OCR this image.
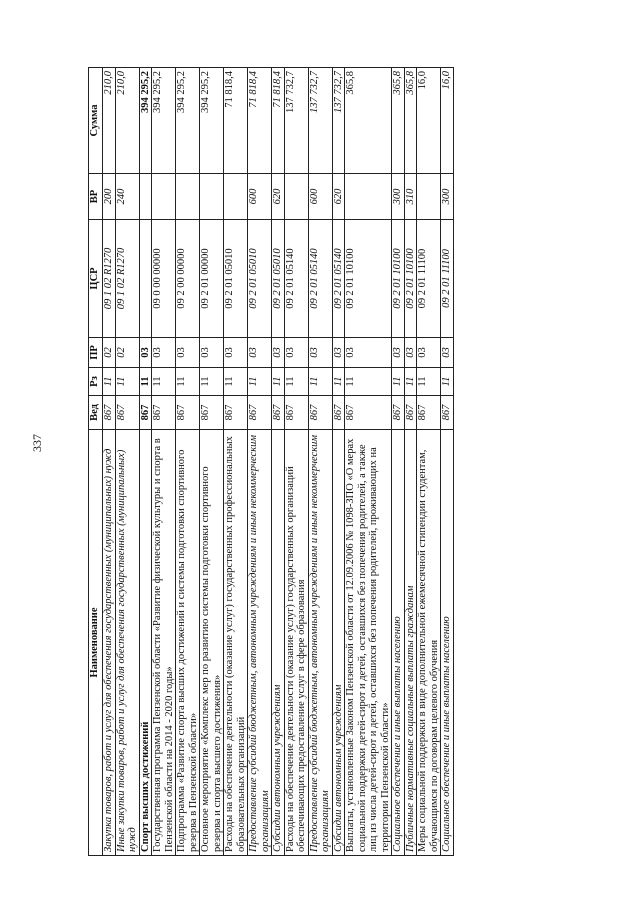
337
Наименование	Вед	Рз	ПР	ЦСР	ВР	Сумма
Закупка товаров, работ и услуг для обеспечения государственных (муниципальных) нужд	867	11	02	09 1 02 R1270	200	210,0
Иные закупки товаров, работ и услуг для обеспечения государственных (муниципальных) нужд	867	11	02	09 1 02 R1270	240	210,0
Спорт высших достижений	867	11	03			394 295,2
Государственная программа Пензенской области «Развитие физической культуры и спорта в Пензенской области на 2014 - 2020 годы»	867	11	03	09 0 00 00000		394 295,2
Подпрограмма «Развитие спорта высших достижений и системы подготовки спортивного резерва в Пензенской области»	867	11	03	09 2 00 00000		394 295,2
Основное мероприятие «Комплекс мер по развитию системы подготовки спортивного резерва и спорта высшего достижения»	867	11	03	09 2 01 00000		394 295,2
Расходы на обеспечение деятельности (оказание услуг) государственных профессиональных образовательных организаций	867	11	03	09 2 01 05010		71 818,4
Предоставление субсидий бюджетным, автономным учреждениям и иным некоммерческим организациям	867	11	03	09 2 01 05010	600	71 818,4
Субсидии автономным учреждениям	867	11	03	09 2 01 05010	620	71 818,4
Расходы на обеспечение деятельности (оказание услуг) государственных организаций обеспечивающих предоставление услуг в сфере образования	867	11	03	09 2 01 05140		137 732,7
Предоставление субсидий бюджетным, автономным учреждениям и иным некоммерческим организациям	867	11	03	09 2 01 05140	600	137 732,7
Субсидии автономным учреждениям	867	11	03	09 2 01 05140	620	137 732,7
Выплаты, установленные Законом Пензенской области от 12.09.2006 № 1098-ЗПО «О мерах социальной поддержки детей-сирот и детей, оставшихся без попечения родителей, а также лиц из числа детей-сирот и детей, оставшихся без попечения родителей, проживающих на территории Пензенской области»	867	11	03	09 2 01 10100		365,8
Социальное обеспечение и иные выплаты населению	867	11	03	09 2 01 10100	300	365,8
Публичные нормативные социальные выплаты гражданам	867	11	03	09 2 01 10100	310	365,8
Меры социальной поддержки в виде дополнительной ежемесячной стипендии студентам, обучающимся по договорам целевого обучения	867	11	03	09 2 01 11100		16,0
Социальное обеспечение и иные выплаты населению	867	11	03	09 2 01 11100	300	16,0
